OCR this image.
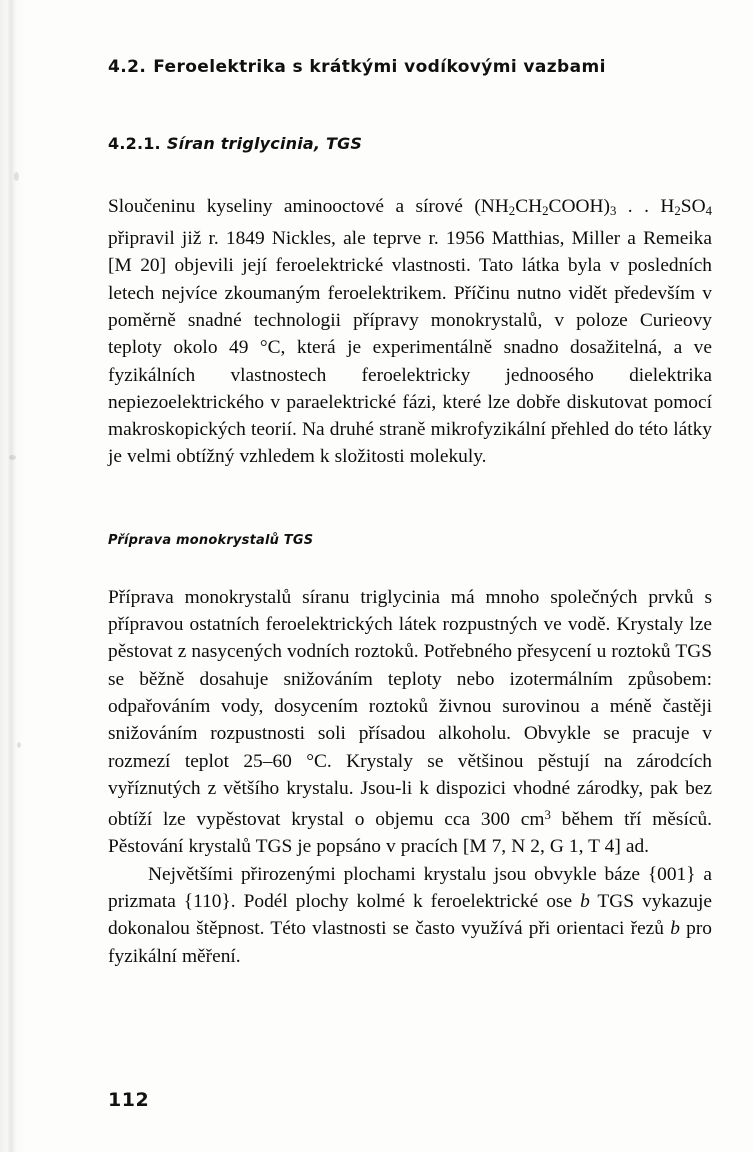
4.2. Feroelektrika s krátkými vodíkovými vazbami
4.2.1. Síran triglycinia, TGS

Sloučeninu kyseliny aminooctové a sírové $(NH_2CH_2COOH)_3$ . . $H_2SO_4$ připravil již r. 1849 Nickles, ale teprve r. 1956 Matthias, Miller a Remeika [M 20] objevili její feroelektrické vlastnosti. Tato látka byla v posledních letech nejvíce zkoumaným feroelektrikem. Příčinu nutno vidět především v poměrně snadné technologii přípravy monokrystalů, v poloze Curieovy teploty okolo 49 °C, která je experimentálně snadno dosažitelná, a ve fyzikálních vlastnostech feroelektricky jednooséhо dielektrika nepiezoelektrického v paraelektrické fázi, které lze dobře diskutovat pomocí makroskopických teorií. Na druhé straně mikrofyzikální přehled do této látky je velmi obtížný vzhledem k složitosti molekuly.

Příprava monokrystalů TGS

Příprava monokrystalů síranu triglycinia má mnoho společných prvků s přípravou ostatních feroelektrických látek rozpustných ve vodě. Krystaly lze pěstovat z nasycených vodních roztoků. Potřebného přesycení u roztoků TGS se běžně dosahuje snižováním teploty nebo izotermálním způsobem: odpařováním vody, dosycením roztoků živnou surovinou a méně častěji snižováním rozpustnosti soli přísadou alkoholu. Obvykle se pracuje v rozmezí teplot 25–60 °C. Krystaly se většinou pěstují na zárodcích vyříznutých z většího krystalu. Jsou-li k dispozici vhodné zárodky, pak bez obtíží lze vypěstovat krystal o objemu cca 300 $cm^3$ během tří měsíců. Pěstování krystalů TGS je popsáno v pracích [M 7, N 2, G 1, T 4] ad.

Největšími přirozenými plochami krystalu jsou obvykle báze {001} a prizmata {110}. Podél plochy kolmé k feroelektrické ose b TGS vykazuje dokonalou štěpnost. Této vlastnosti se často využívá při orientaci řezů b pro fyzikální měření.

112
